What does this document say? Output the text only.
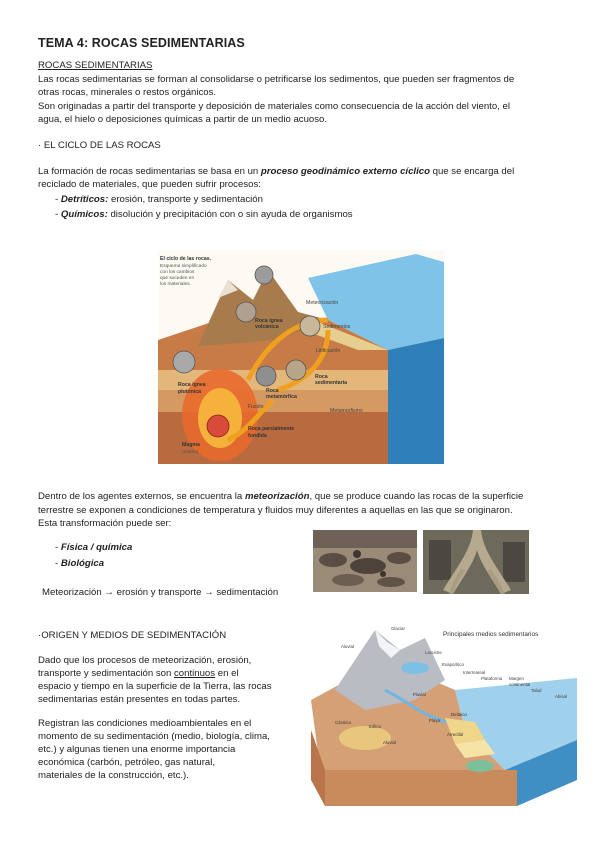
TEMA 4: ROCAS SEDIMENTARIAS
ROCAS SEDIMENTARIAS
Las rocas sedimentarias se forman al consolidarse o petrificarse los sedimentos, que pueden ser fragmentos de
otras rocas, minerales o restos orgánicos.
Son originadas a partir del transporte y deposición de materiales como consecuencia de la acción del viento, el
agua, el hielo o deposiciones químicas a partir de un medio acuoso.
· EL CICLO DE LAS ROCAS
La formación de rocas sedimentarias se basa en un proceso geodinámico externo cíclico que se encarga del
reciclado de materiales, que pueden sufrir procesos:
- Detríticos: erosión, transporte y sedimentación
- Químicos: disolución y precipitación con o sin ayuda de organismos
El ciclo de las rocas.
Esquema simplificado
con los cambios
que suceden en
los materiales.
Meteorización
Sedimentos
Litificación
Roca ígnea
volcánica
Roca ígnea
plutónica
Roca
sedimentaria
Roca
metamórfica
Metamorfismo
Fusión
Roca parcialmente
fundida
Magma
(manto)
Dentro de los agentes externos, se encuentra la meteorización, que se produce cuando las rocas de la superficie
terrestre se exponen a condiciones de temperatura y fluidos muy diferentes a aquellas en las que se originaron.
Esta transformación puede ser:
- Física / química
- Biológica
Meteorización → erosión y transporte → sedimentación
·ORIGEN Y MEDIOS DE SEDIMENTACIÓN
Dado que los procesos de meteorización, erosión,
transporte y sedimentación son continuos en el
espacio y tiempo en la superficie de la Tierra, las rocas
sedimentarias están presentes en todas partes.
Registran las condiciones medioambientales en el
momento de su sedimentación (medio, biología, clima,
etc.) y algunas tienen una enorme importancia
económica (carbón, petróleo, gas natural,
materiales de la construcción, etc.).
Principales medios sedimentarios
Glaciar
Aluvial
Lacustre
Evaporítico
Intermareal
Plataforma Margen
continental
Talud
Abisal
Fluvial
Deltaico
Playa
Arrecifal
Cárstico
Eólico
Aluvial
